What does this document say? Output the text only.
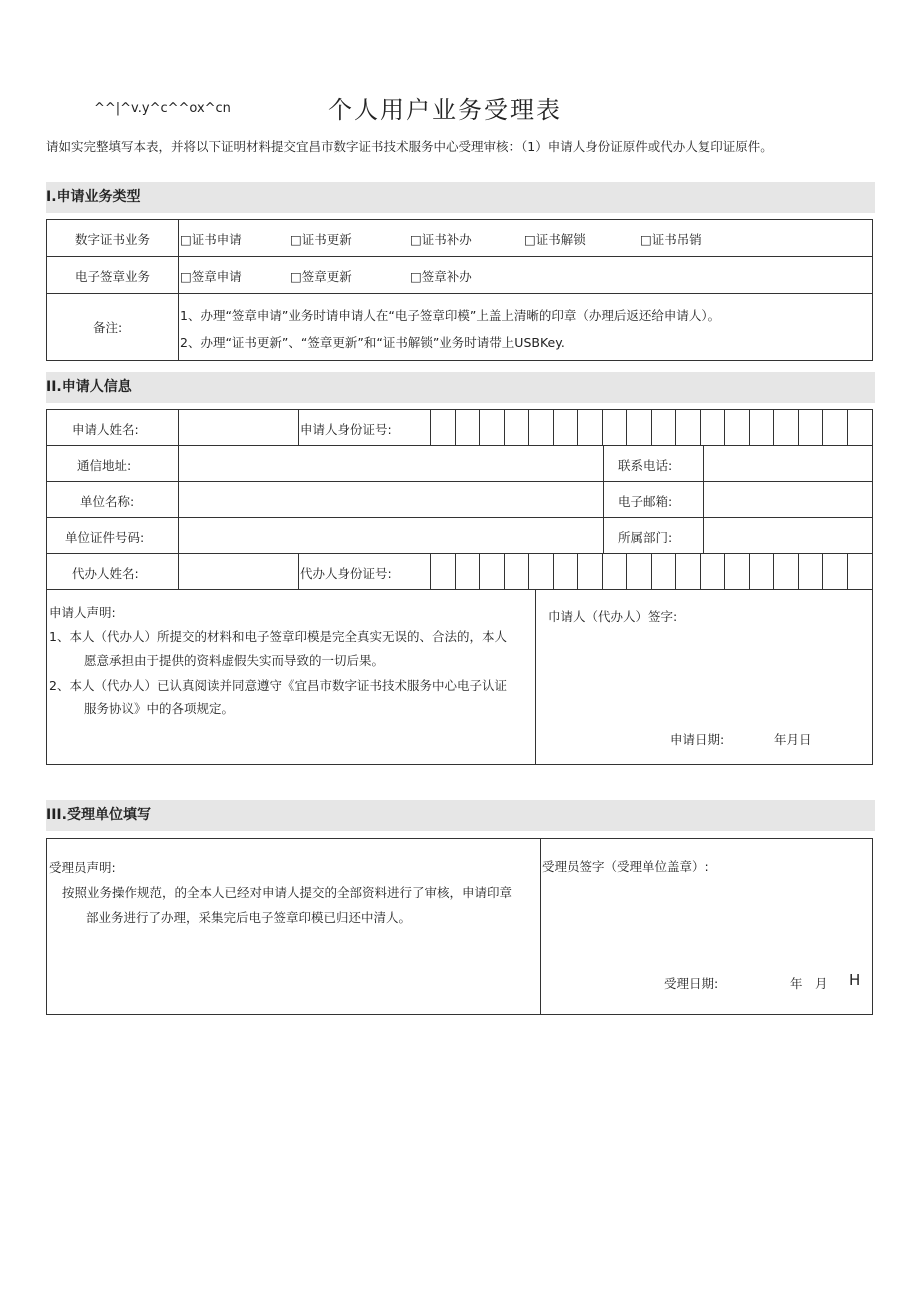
^^|^v.y^c^^ox^cn	个人用户业务受理表
请如实完整填写本表，并将以下证明材料提交宜昌市数字证书技术服务中心受理审核：（1）申请人身份证原件或代办人复印证原件。
I.申请业务类型
数字证书业务 □证书申请	□证书更新	□证书补办	□证书解锁	□证书吊销
电子签章业务 □签章申请	□签章更新	□签章补办
备注:
1、办理“签章申请”业务时请申请人在“电子签章印模”上盖上清晰的印章（办理后返还给申请人）。
2、办理“证书更新”、“签章更新”和“证书解锁”业务时请带上USBKey.
II.申请人信息
申请人姓名:	申请人身份证号:
通信地址:	联系电话:
单位名称:	电子邮箱:
单位证件号码:	所属部门:
代办人姓名:	代办人身份证号:
申请人声明:
1、本人（代办人）所提交的材料和电子签章印模是完全真实无误的、合法的，本人
愿意承担由于提供的资料虚假失实而导致的一切后果。
2、本人（代办人）已认真阅读并同意遵守《宜昌市数字证书技术服务中心电子认证
服务协议》中的各项规定。
巾请人（代办人）签字:
申请日期:	年月日
III.受理单位填写
受理员声明:
按照业务操作规范，的全本人已经对申请人提交的全部资料进行了审核，申请印章
部业务进行了办理，采集完后电子签章印模已归还中清人。
受理员签字（受理单位盖章）:
受理日期:	年 月 H
